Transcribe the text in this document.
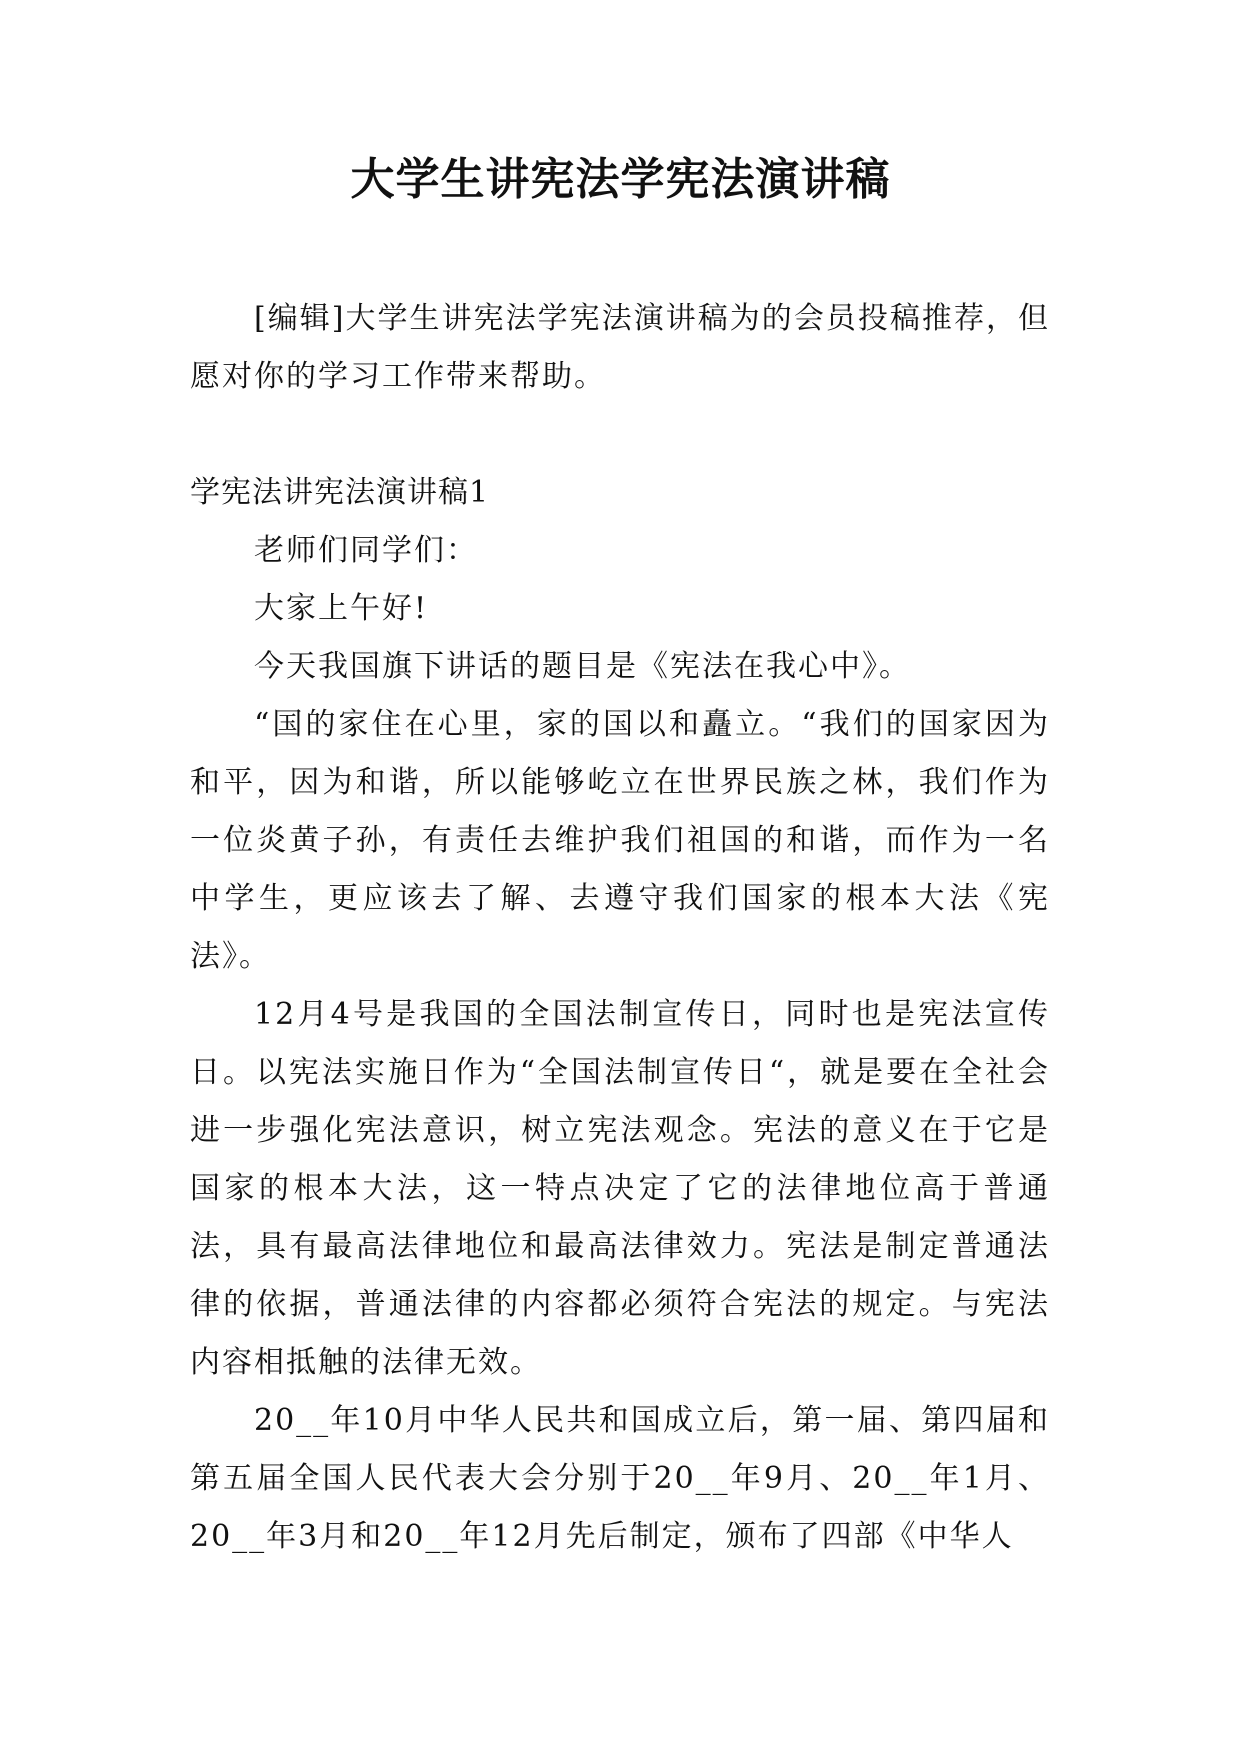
大学生讲宪法学宪法演讲稿

[编辑]大学生讲宪法学宪法演讲稿为的会员投稿推荐，但愿对你的学习工作带来帮助。

学宪法讲宪法演讲稿1

老师们同学们：

大家上午好!

今天我国旗下讲话的题目是《宪法在我心中》。

“国的家住在心里，家的国以和矗立。“我们的国家因为和平，因为和谐，所以能够屹立在世界民族之林，我们作为一位炎黄子孙，有责任去维护我们祖国的和谐，而作为一名中学生，更应该去了解、去遵守我们国家的根本大法《宪法》。

12月4号是我国的全国法制宣传日，同时也是宪法宣传日。以宪法实施日作为“全国法制宣传日“，就是要在全社会进一步强化宪法意识，树立宪法观念。宪法的意义在于它是国家的根本大法，这一特点决定了它的法律地位高于普通法，具有最高法律地位和最高法律效力。宪法是制定普通法律的依据，普通法律的内容都必须符合宪法的规定。与宪法内容相抵触的法律无效。

20__年10月中华人民共和国成立后，第一届、第四届和第五届全国人民代表大会分别于20__年9月、20__年1月、20__年3月和20__年12月先后制定，颁布了四部《中华人
